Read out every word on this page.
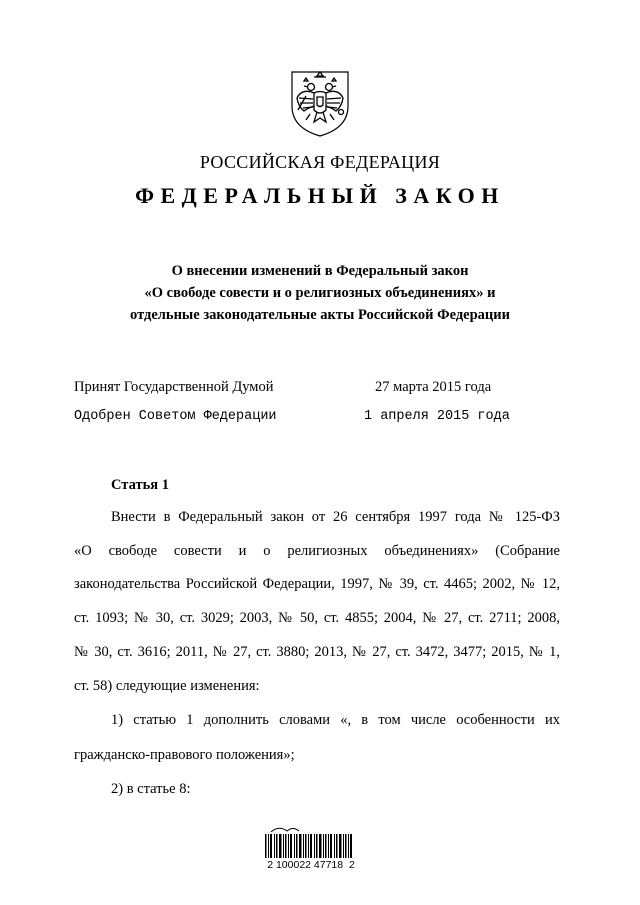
РОССИЙСКАЯ ФЕДЕРАЦИЯ
ФЕДЕРАЛЬНЫЙ ЗАКОН
О внесении изменений в Федеральный закон
«О свободе совести и о религиозных объединениях» и
отдельные законодательные акты Российской Федерации
Принят Государственной Думой	27 марта 2015 года
Одобрен Советом Федерации	1 апреля 2015 года
Статья 1
Внести в Федеральный закон от 26 сентября 1997 года № 125-ФЗ
«О свободе совести и о религиозных объединениях» (Собрание
законодательства Российской Федерации, 1997, № 39, ст. 4465; 2002, № 12,
ст. 1093; № 30, ст. 3029; 2003, № 50, ст. 4855; 2004, № 27, ст. 2711; 2008,
№ 30, ст. 3616; 2011, № 27, ст. 3880; 2013, № 27, ст. 3472, 3477; 2015, № 1,
ст. 58) следующие изменения:
1) статью 1 дополнить словами «, в том числе особенности их
гражданско-правового положения»;
2) в статье 8:
2 100022 47718  2
